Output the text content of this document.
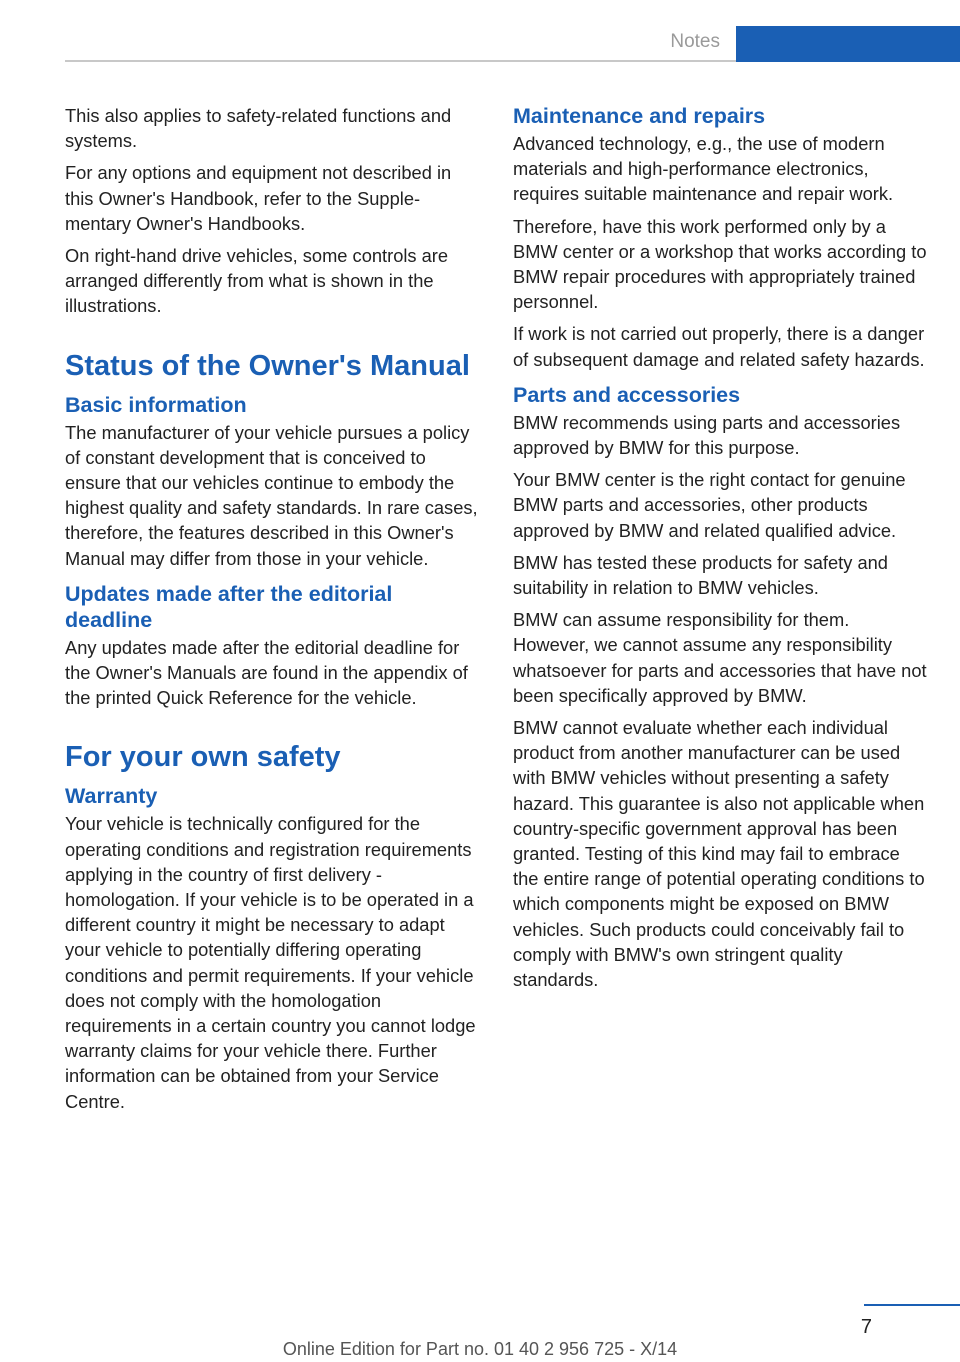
Notes

This also applies to safety-related functions and systems.

For any options and equipment not described in this Owner's Handbook, refer to the Supplementary Owner's Handbooks.

On right-hand drive vehicles, some controls are arranged differently from what is shown in the illustrations.

Status of the Owner's Manual
Basic information

The manufacturer of your vehicle pursues a policy of constant development that is conceived to ensure that our vehicles continue to embody the highest quality and safety standards. In rare cases, therefore, the features described in this Owner's Manual may differ from those in your vehicle.

Updates made after the editorial deadline

Any updates made after the editorial deadline for the Owner's Manuals are found in the appendix of the printed Quick Reference for the vehicle.

For your own safety
Warranty

Your vehicle is technically configured for the operating conditions and registration requirements applying in the country of first delivery - homologation. If your vehicle is to be operated in a different country it might be necessary to adapt your vehicle to potentially differing operating conditions and permit requirements. If your vehicle does not comply with the homologation requirements in a certain country you cannot lodge warranty claims for your vehicle there. Further information can be obtained from your Service Centre.

Maintenance and repairs

Advanced technology, e.g., the use of modern materials and high-performance electronics, requires suitable maintenance and repair work.

Therefore, have this work performed only by a BMW center or a workshop that works according to BMW repair procedures with appropriately trained personnel.

If work is not carried out properly, there is a danger of subsequent damage and related safety hazards.

Parts and accessories

BMW recommends using parts and accessories approved by BMW for this purpose.

Your BMW center is the right contact for genuine BMW parts and accessories, other products approved by BMW and related qualified advice.

BMW has tested these products for safety and suitability in relation to BMW vehicles.

BMW can assume responsibility for them. However, we cannot assume any responsibility whatsoever for parts and accessories that have not been specifically approved by BMW.

BMW cannot evaluate whether each individual product from another manufacturer can be used with BMW vehicles without presenting a safety hazard. This guarantee is also not applicable when country-specific government approval has been granted. Testing of this kind may fail to embrace the entire range of potential operating conditions to which components might be exposed on BMW vehicles. Such products could conceivably fail to comply with BMW's own stringent quality standards.

7
Online Edition for Part no. 01 40 2 956 725 - X/14
